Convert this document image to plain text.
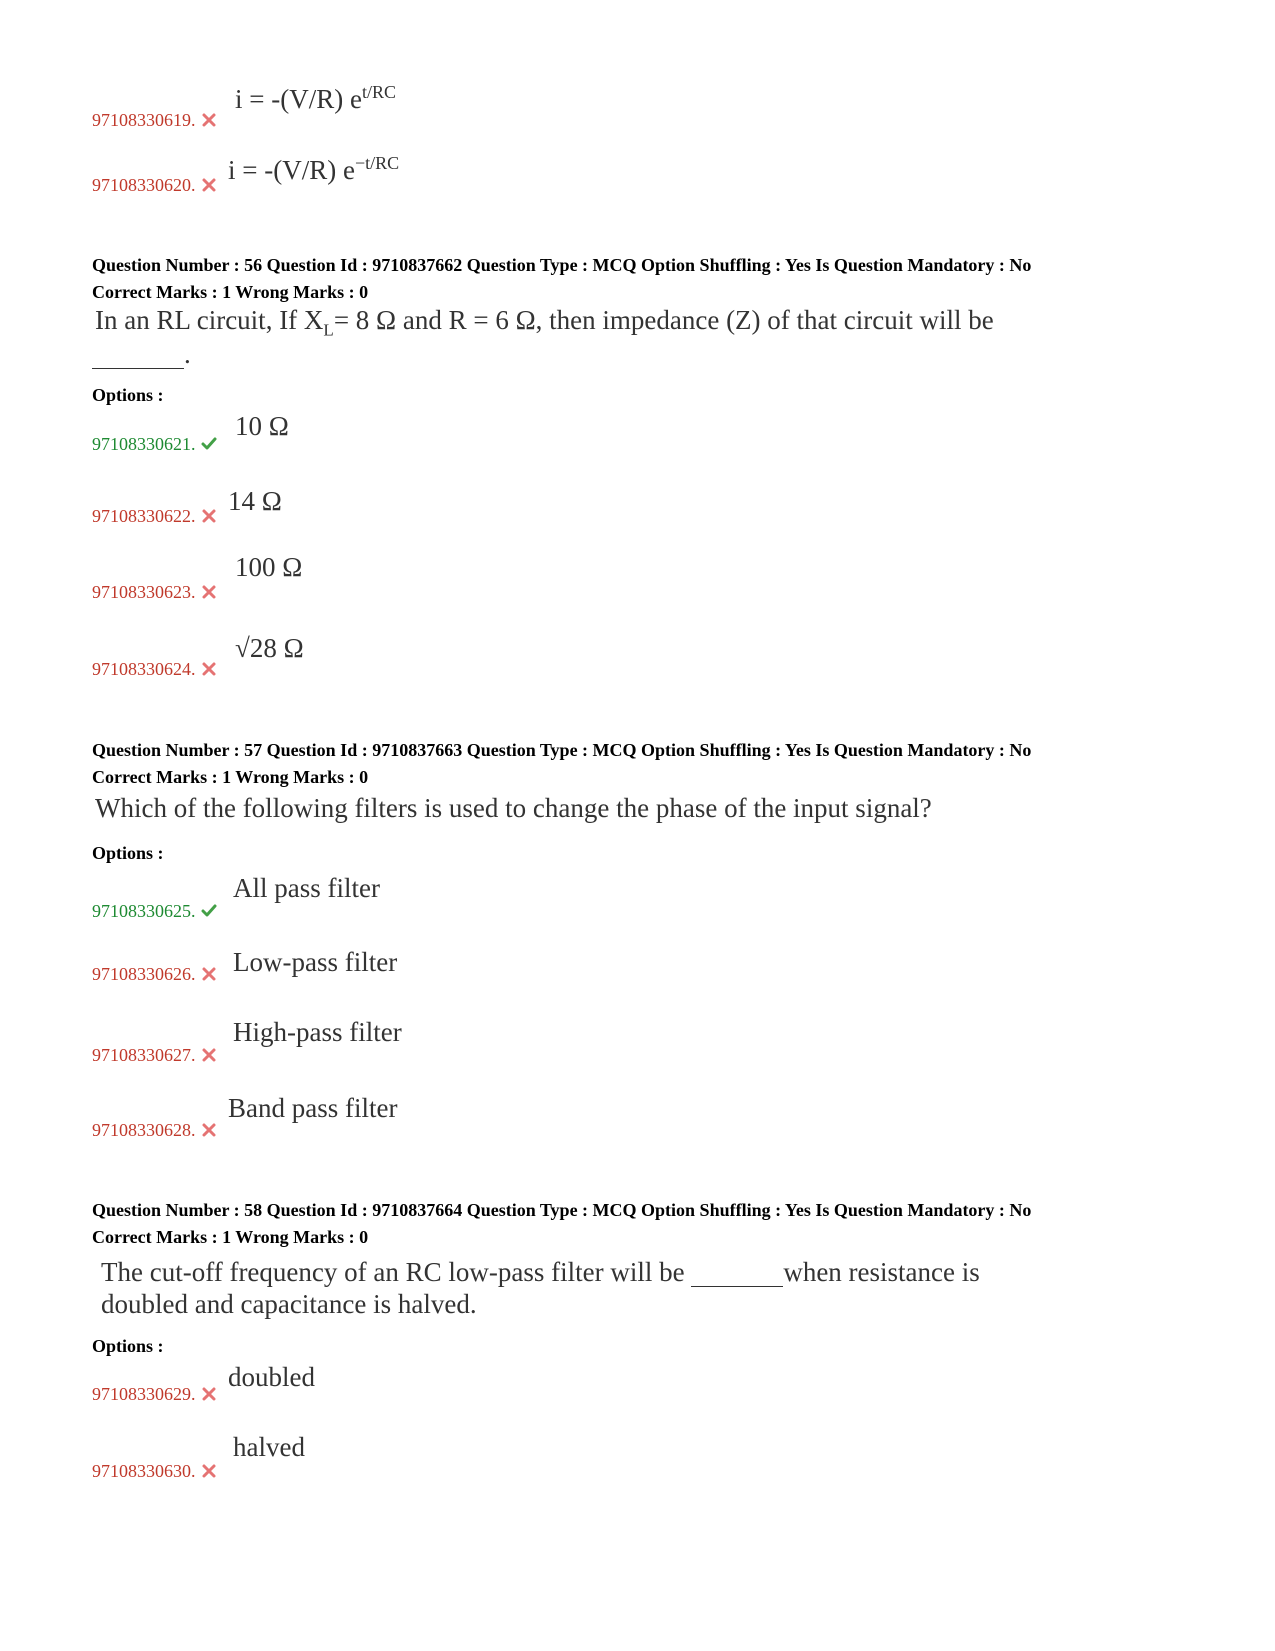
97108330619.
i = -(V/R) $e^{t/RC}$
97108330620.	i = -(V/R) $e^{-t/RC}$
Question Number : 56 Question Id : 9710837662 Question Type : MCQ Option Shuffling : Yes Is Question Mandatory : No
Correct Marks : 1 Wrong Marks : 0
In an RL circuit, If $X_L= 8$ Ω and R = 6 Ω, then impedance (Z) of that circuit will be
.
Options :
97108330621.
10 Ω
97108330622.	14 Ω
97108330623.
100 Ω
97108330624.
√28 Ω
Question Number : 57 Question Id : 9710837663 Question Type : MCQ Option Shuffling : Yes Is Question Mandatory : No
Correct Marks : 1 Wrong Marks : 0
Which of the following filters is used to change the phase of the input signal?
Options :
97108330625.
All pass filter
97108330626.	Low-pass filter
97108330627.
High-pass filter
97108330628.
Band pass filter
Question Number : 58 Question Id : 9710837664 Question Type : MCQ Option Shuffling : Yes Is Question Mandatory : No
Correct Marks : 1 Wrong Marks : 0
The cut-off frequency of an RC low-pass filter will be	when resistance is
doubled and capacitance is halved.
Options :
97108330629.
doubled
97108330630.
halved
